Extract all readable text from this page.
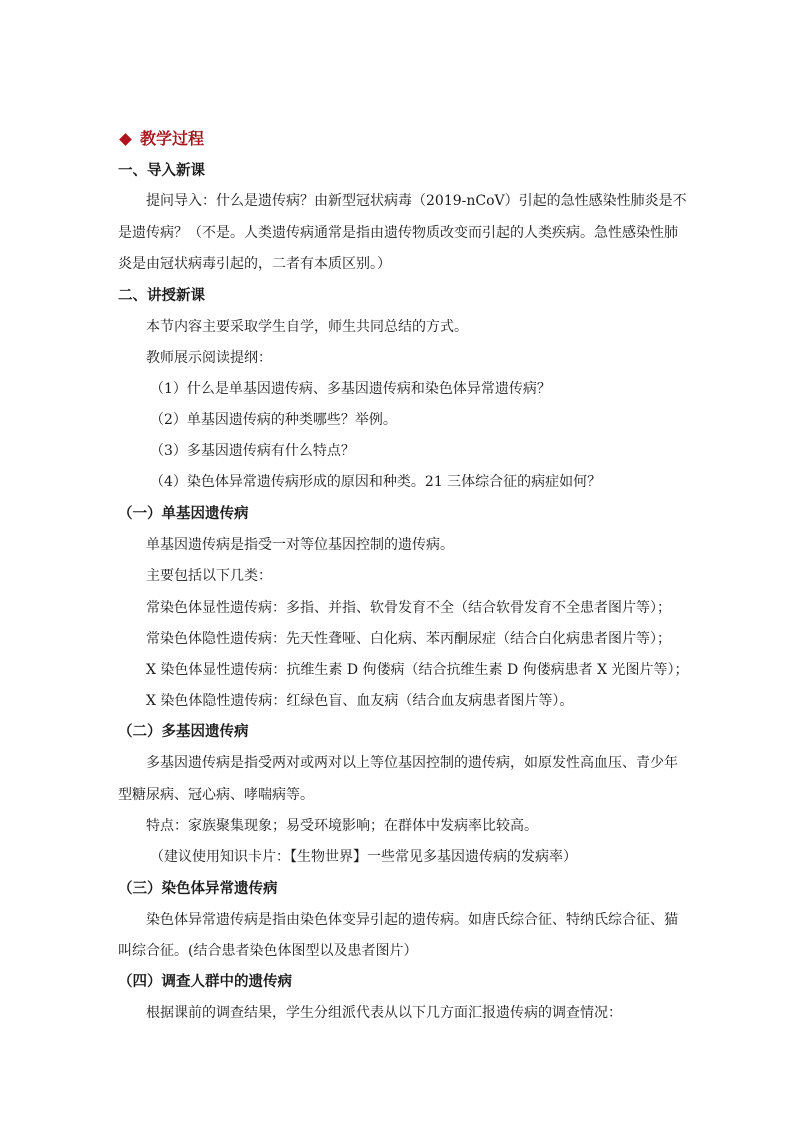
教学过程
一、导入新课
提问导入：什么是遗传病？由新型冠状病毒（2019-nCoV）引起的急性感染性肺炎是不
是遗传病？（不是。人类遗传病通常是指由遗传物质改变而引起的人类疾病。急性感染性肺
炎是由冠状病毒引起的，二者有本质区别。）
二、讲授新课
本节内容主要采取学生自学，师生共同总结的方式。
教师展示阅读提纲：
（1）什么是单基因遗传病、多基因遗传病和染色体异常遗传病？
（2）单基因遗传病的种类哪些？举例。
（3）多基因遗传病有什么特点？
（4）染色体异常遗传病形成的原因和种类。21 三体综合征的病症如何？
（一）单基因遗传病
单基因遗传病是指受一对等位基因控制的遗传病。
主要包括以下几类：
常染色体显性遗传病：多指、并指、软骨发育不全（结合软骨发育不全患者图片等）；
常染色体隐性遗传病：先天性聋哑、白化病、苯丙酮尿症（结合白化病患者图片等）；
X 染色体显性遗传病：抗维生素 D 佝偻病（结合抗维生素 D 佝偻病患者 X 光图片等）；
X 染色体隐性遗传病：红绿色盲、血友病（结合血友病患者图片等）。
（二）多基因遗传病
多基因遗传病是指受两对或两对以上等位基因控制的遗传病，如原发性高血压、青少年
型糖尿病、冠心病、哮喘病等。
特点：家族聚集现象；易受环境影响；在群体中发病率比较高。
（建议使用知识卡片：【生物世界】一些常见多基因遗传病的发病率）
（三）染色体异常遗传病
染色体异常遗传病是指由染色体变异引起的遗传病。如唐氏综合征、特纳氏综合征、猫
叫综合征。(结合患者染色体图型以及患者图片）
（四）调查人群中的遗传病
根据课前的调查结果，学生分组派代表从以下几方面汇报遗传病的调查情况：
